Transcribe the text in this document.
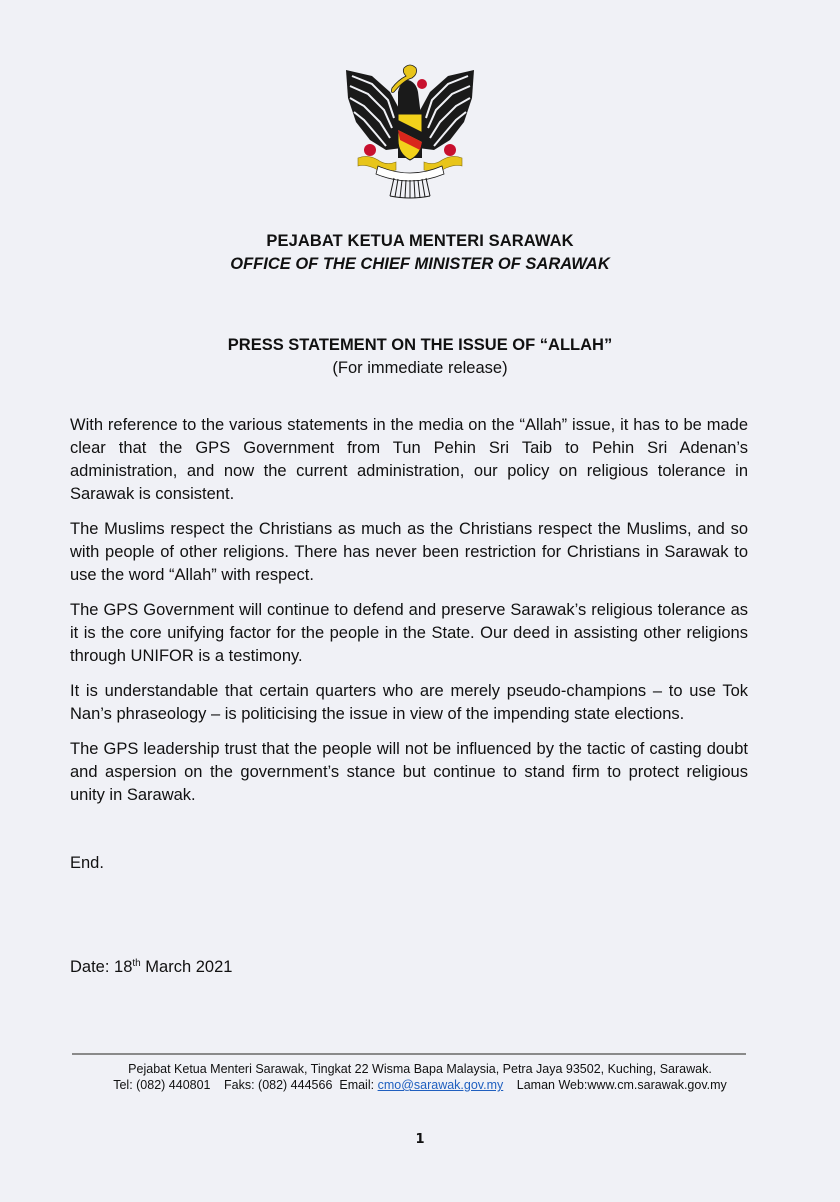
PEJABAT KETUA MENTERI SARAWAK
OFFICE OF THE CHIEF MINISTER OF SARAWAK
PRESS STATEMENT ON THE ISSUE OF “ALLAH”
(For immediate release)

With reference to the various statements in the media on the “Allah” issue, it has to be made clear that the GPS Government from Tun Pehin Sri Taib to Pehin Sri Adenan’s administration, and now the current administration, our policy on religious tolerance in Sarawak is consistent.

The Muslims respect the Christians as much as the Christians respect the Muslims, and so with people of other religions. There has never been restriction for Christians in Sarawak to use the word “Allah” with respect.

The GPS Government will continue to defend and preserve Sarawak’s religious tolerance as it is the core unifying factor for the people in the State. Our deed in assisting other religions through UNIFOR is a testimony.

It is understandable that certain quarters who are merely pseudo-champions – to use Tok Nan’s phraseology – is politicising the issue in view of the impending state elections.

The GPS leadership trust that the people will not be influenced by the tactic of casting doubt and aspersion on the government’s stance but continue to stand firm to protect religious unity in Sarawak.

End.
Date: 18th March 2021
Pejabat Ketua Menteri Sarawak, Tingkat 22 Wisma Bapa Malaysia, Petra Jaya 93502, Kuching, Sarawak.
Tel: (082) 440801 Faks: (082) 444566 Email: cmo@sarawak.gov.my Laman Web:www.cm.sarawak.gov.my
1
